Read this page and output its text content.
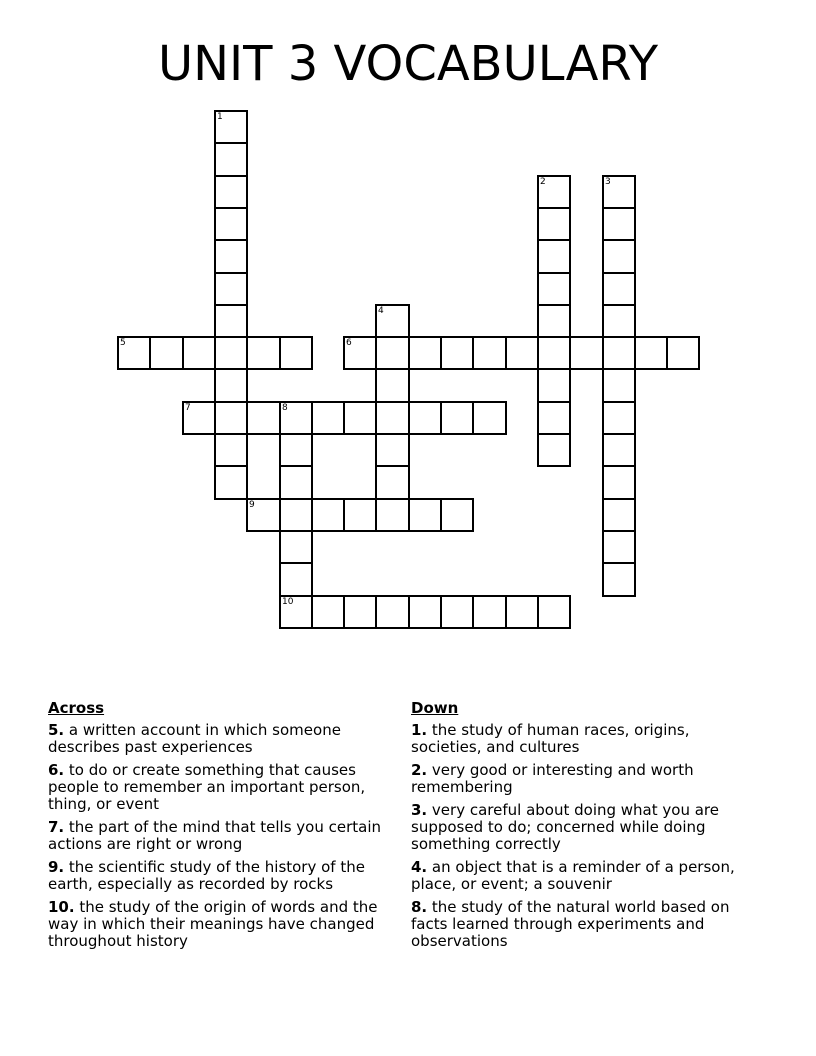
UNIT 3 VOCABULARY
5	6
7	8
9
10
1
2	3
4
Across
5. a written account in which someone describes past experiences
6. to do or create something that causes people to remember an important person, thing, or event
7. the part of the mind that tells you certain actions are right or wrong
9. the scientific study of the history of the earth, especially as recorded by rocks
10. the study of the origin of words and the way in which their meanings have changed throughout history
Down
1. the study of human races, origins, societies, and cultures
2. very good or interesting and worth remembering
3. very careful about doing what you are supposed to do; concerned while doing something correctly
4. an object that is a reminder of a person, place, or event; a souvenir
8. the study of the natural world based on facts learned through experiments and observations
